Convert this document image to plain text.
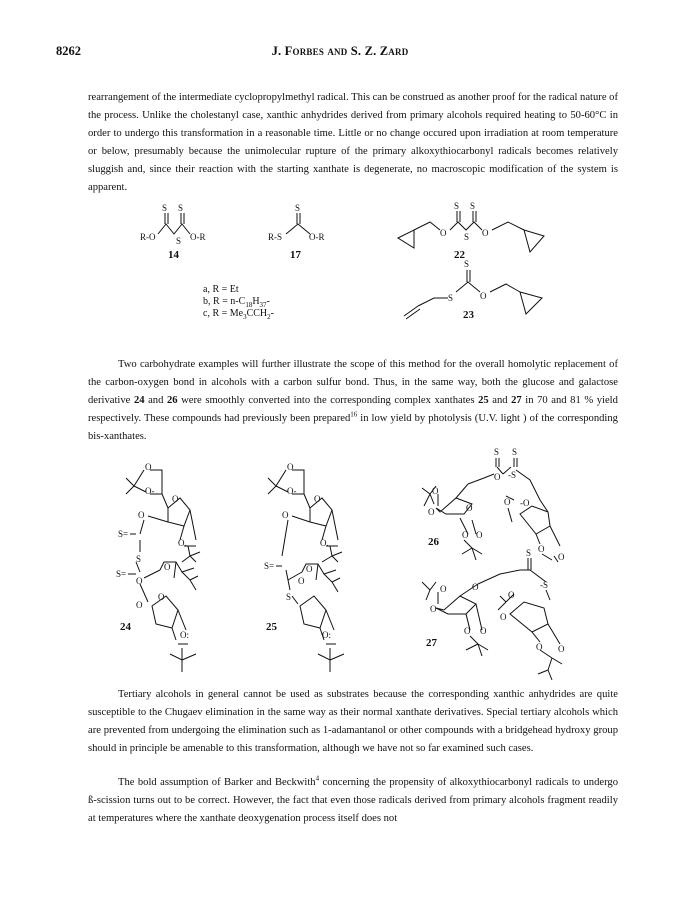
8262	J. Forbes and S. Z. Zard

rearrangement of the intermediate cyclopropylmethyl radical. This can be construed as another proof for the radical nature of the process. Unlike the cholestanyl case, xanthic anhydrides derived from primary alcohols required heating to 50-60°C in order to undergo this transformation in a reasonable time. Little or no change occured upon irradiation at room temperature or below, presumably because the unimolecular rupture of the primary alkoxythiocarbonyl radicals becomes relatively sluggish and, since their reaction with the starting xanthate is degenerate, no macroscopic modification of the system is apparent.

S S
R-O S O-R
14
S
R-S	O-R
17
O
S S
S O
22
S
S	O
23
a, R = Et
b, $R = n-C_{18}H_{37}-$
c, $R = Me_3CCH_2-$

Two carbohydrate examples will further illustrate the scope of this method for the overall homolytic replacement of the carbon-oxygen bond in alcohols with a carbon sulfur bond. Thus, in the same way, both the glucose and galactose derivative 24 and 26 were smoothly converted into the corresponding complex xanthates 25 and 27 in 70 and 81 % yield respectively. These compounds had previously been prepared$^{16}$ in low yield by photolysis (U.V. light ) of the corresponding bis-xanthates.

O
O-
O
O
S=
O.
S
S=
O
O
O
O
O:
24
O
O-
O
O
O.
S=
O
O
S
O:
25
S S
O -S
O
O	O
O -O
O O
O
O
26
S
O	-S
O
O
O
O
O O
O O
27

Tertiary alcohols in general cannot be used as substrates because the corresponding xanthic anhydrides are quite susceptible to the Chugaev elimination in the same way as their normal xanthate derivatives. Special tertiary alcohols which are prevented from undergoing the elimination such as 1-adamantanol or other compounds with a bridgehead hydroxy group should in principle be amenable to this transformation, although we have not so far examined such cases.

The bold assumption of Barker and Beckwith$^4$ concerning the propensity of alkoxythiocarbonyl radicals to undergo ß-scission turns out to be correct. However, the fact that even those radicals derived from primary alcohols fragment readily at temperatures where the xanthate deoxygenation process itself does not
